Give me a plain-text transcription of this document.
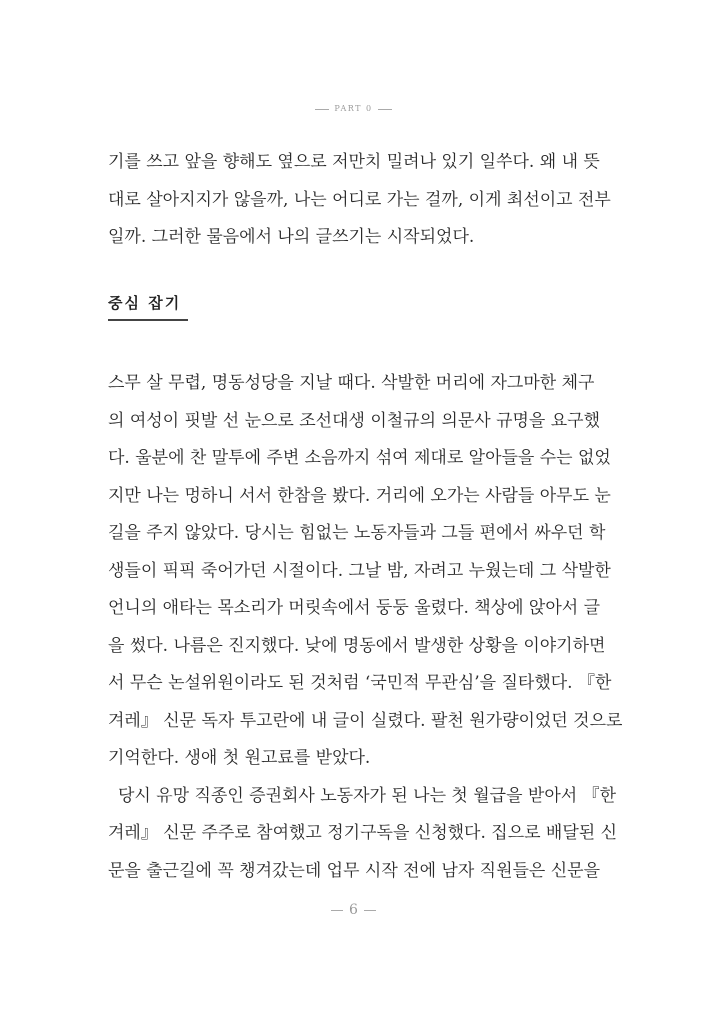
PART 0
기를 쓰고 앞을 향해도 옆으로 저만치 밀려나 있기 일쑤다. 왜 내 뜻
대로 살아지지가 않을까, 나는 어디로 가는 걸까, 이게 최선이고 전부
일까. 그러한 물음에서 나의 글쓰기는 시작되었다.
중심 잡기
스무 살 무렵, 명동성당을 지날 때다. 삭발한 머리에 자그마한 체구
의 여성이 핏발 선 눈으로 조선대생 이철규의 의문사 규명을 요구했
다. 울분에 찬 말투에 주변 소음까지 섞여 제대로 알아들을 수는 없었
지만 나는 멍하니 서서 한참을 봤다. 거리에 오가는 사람들 아무도 눈
길을 주지 않았다. 당시는 힘없는 노동자들과 그들 편에서 싸우던 학
생들이 픽픽 죽어가던 시절이다. 그날 밤, 자려고 누웠는데 그 삭발한
언니의 애타는 목소리가 머릿속에서 둥둥 울렸다. 책상에 앉아서 글
을 썼다. 나름은 진지했다. 낮에 명동에서 발생한 상황을 이야기하면
서 무슨 논설위원이라도 된 것처럼 ‘국민적 무관심’을 질타했다. 『한
겨레』 신문 독자 투고란에 내 글이 실렸다. 팔천 원가량이었던 것으로
기억한다. 생애 첫 원고료를 받았다.
당시 유망 직종인 증권회사 노동자가 된 나는 첫 월급을 받아서 『한
겨레』 신문 주주로 참여했고 정기구독을 신청했다. 집으로 배달된 신
문을 출근길에 꼭 챙겨갔는데 업무 시작 전에 남자 직원들은 신문을
6
